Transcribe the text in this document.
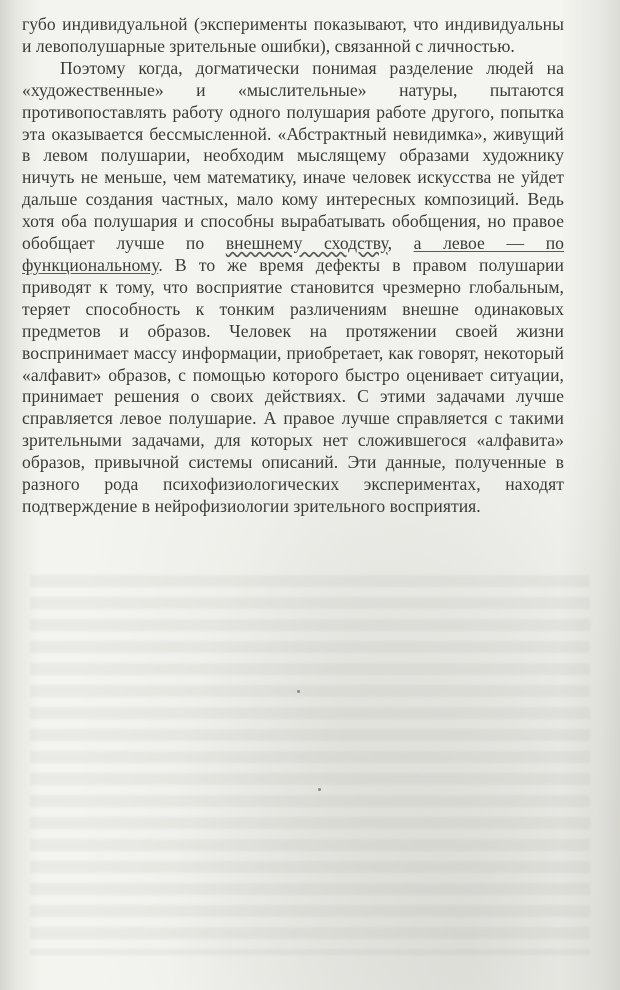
губо индивидуальной (эксперименты показывают, что индивидуальны и левополушарные зрительные ошибки), связанной с личностью.

Поэтому когда, догматически понимая разделение людей на «художественные» и «мыслительные» натуры, пытаются противопоставлять работу одного полушария работе другого, попытка эта оказывается бессмысленной. «Абстрактный невидимка», живущий в левом полушарии, необходим мыслящему образами художнику ничуть не меньше, чем математику, иначе человек искусства не уйдет дальше создания частных, мало кому интересных композиций. Ведь хотя оба полушария и способны вырабатывать обобщения, но правое обобщает лучше по внешнему сходству, а левое — по функциональному. В то же время дефекты в правом полушарии приводят к тому, что восприятие становится чрезмерно глобальным, теряет способность к тонким различениям внешне одинаковых предметов и образов. Человек на протяжении своей жизни воспринимает массу информации, приобретает, как говорят, некоторый «алфавит» образов, с помощью которого быстро оценивает ситуации, принимает решения о своих действиях. С этими задачами лучше справляется левое полушарие. А правое лучше справляется с такими зрительными задачами, для которых нет сложившегося «алфавита» образов, привычной системы описаний. Эти данные, полученные в разного рода психофизиологических экспериментах, находят подтверждение в нейрофизиологии зрительного восприятия.
